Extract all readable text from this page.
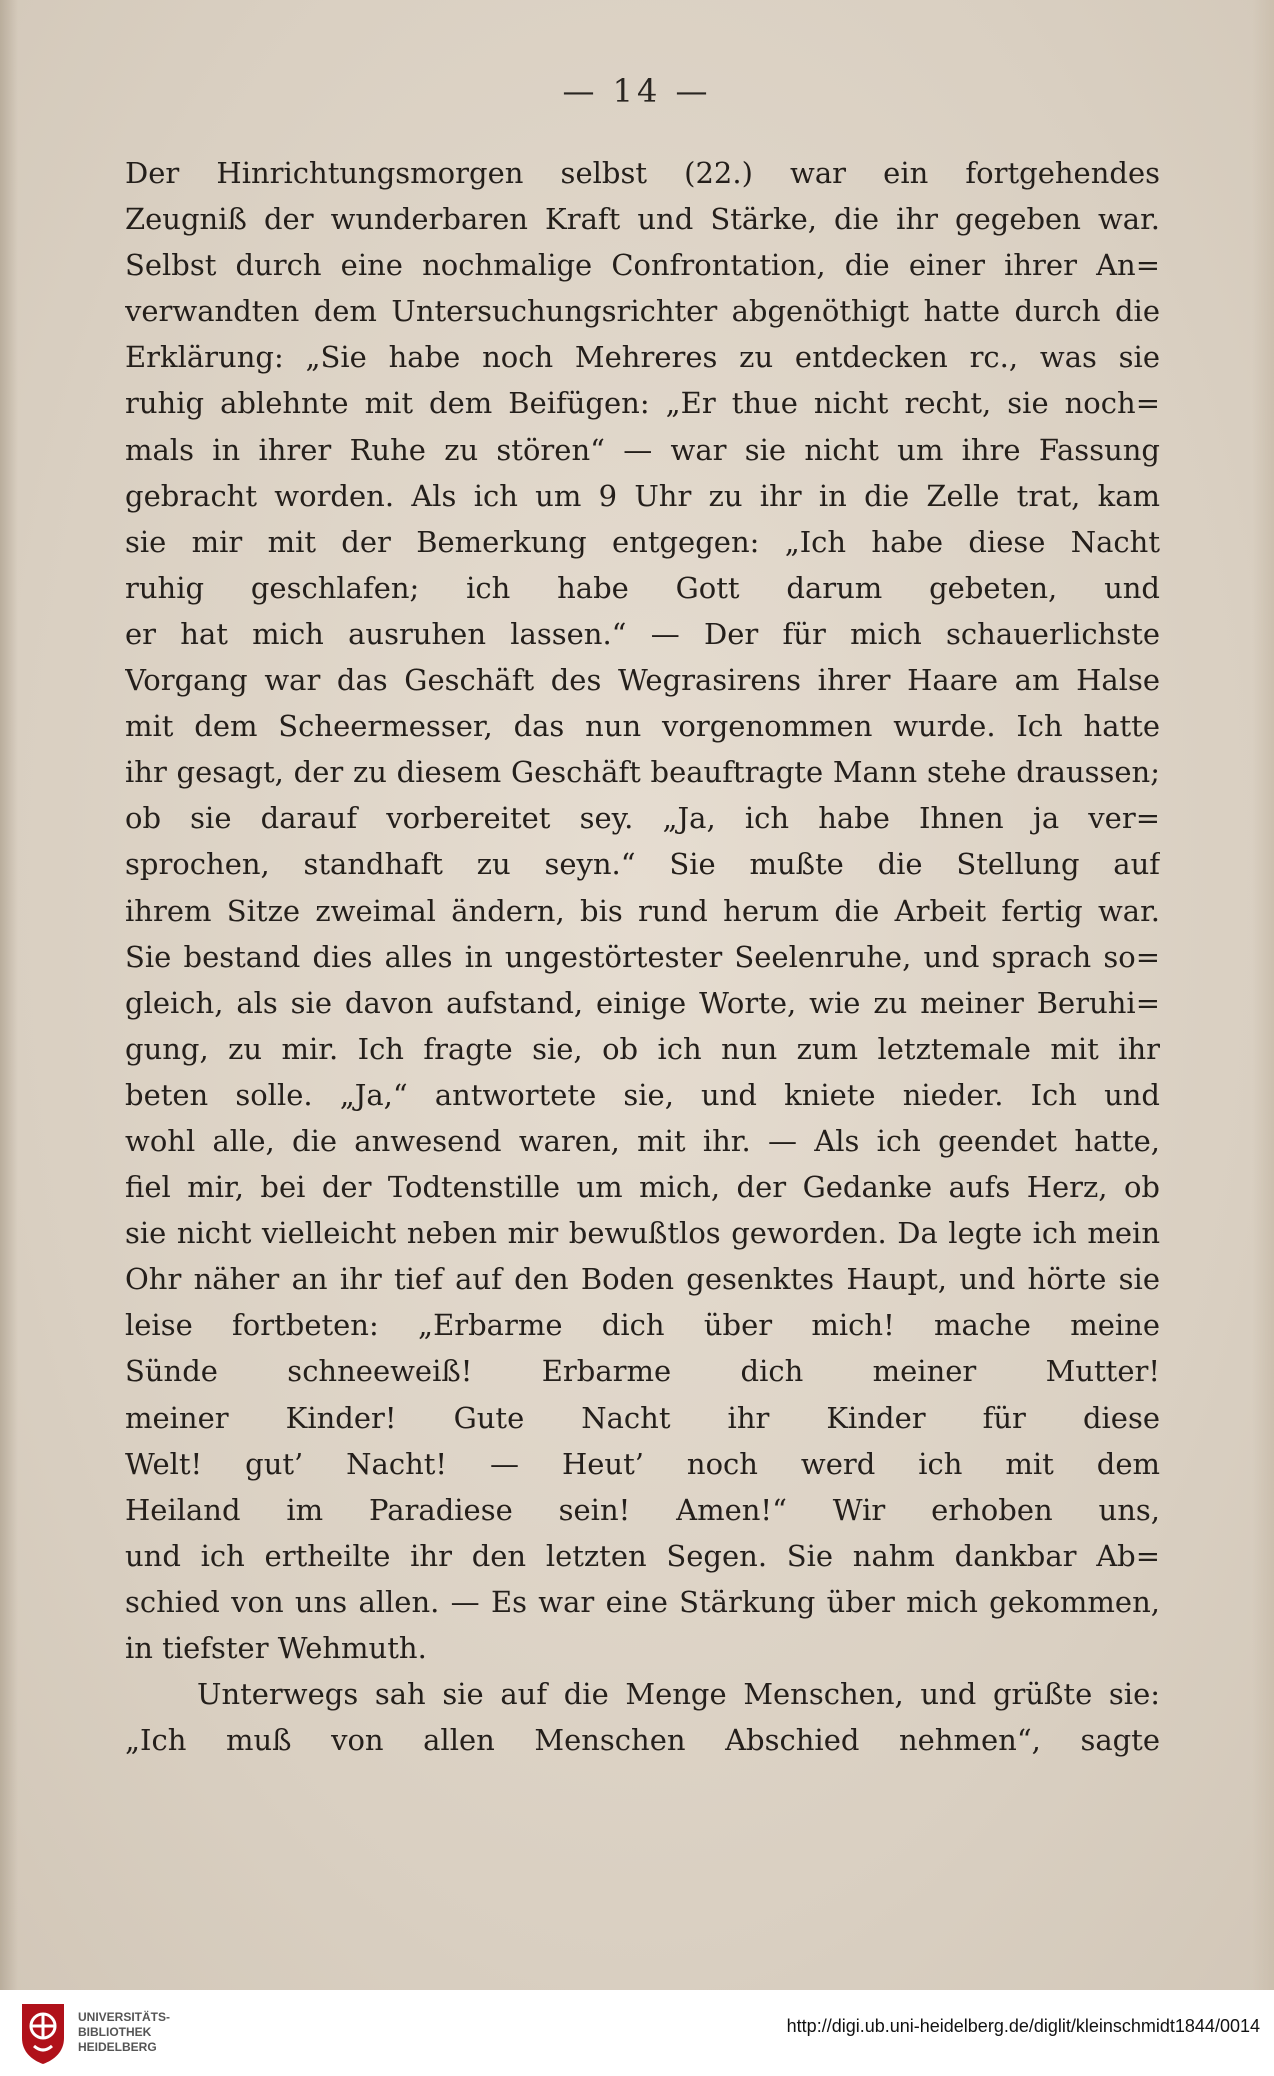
— 14 —
Der Hinrichtungsmorgen selbst (22.) war ein fortgehendes
Zeugniß der wunderbaren Kraft und Stärke, die ihr gegeben war.
Selbst durch eine nochmalige Confrontation, die einer ihrer An=
verwandten dem Untersuchungsrichter abgenöthigt hatte durch die
Erklärung: „Sie habe noch Mehreres zu entdecken rc., was sie
ruhig ablehnte mit dem Beifügen: „Er thue nicht recht, sie noch=
mals in ihrer Ruhe zu stören“ — war sie nicht um ihre Fassung
gebracht worden. Als ich um 9 Uhr zu ihr in die Zelle trat, kam
sie mir mit der Bemerkung entgegen: „Ich habe diese Nacht
ruhig geschlafen; ich habe Gott darum gebeten, und
er hat mich ausruhen lassen.“ — Der für mich schauerlichste
Vorgang war das Geschäft des Wegrasirens ihrer Haare am Halse
mit dem Scheermesser, das nun vorgenommen wurde. Ich hatte
ihr gesagt, der zu diesem Geschäft beauftragte Mann stehe draussen;
ob sie darauf vorbereitet sey. „Ja, ich habe Ihnen ja ver=
sprochen, standhaft zu seyn.“ Sie mußte die Stellung auf
ihrem Sitze zweimal ändern, bis rund herum die Arbeit fertig war.
Sie bestand dies alles in ungestörtester Seelenruhe, und sprach so=
gleich, als sie davon aufstand, einige Worte, wie zu meiner Beruhi=
gung, zu mir. Ich fragte sie, ob ich nun zum letztemale mit ihr
beten solle. „Ja,“ antwortete sie, und kniete nieder. Ich und
wohl alle, die anwesend waren, mit ihr. — Als ich geendet hatte,
fiel mir, bei der Todtenstille um mich, der Gedanke aufs Herz, ob
sie nicht vielleicht neben mir bewußtlos geworden. Da legte ich mein
Ohr näher an ihr tief auf den Boden gesenktes Haupt, und hörte sie
leise fortbeten: „Erbarme dich über mich! mache meine
Sünde schneeweiß! Erbarme dich meiner Mutter!
meiner Kinder! Gute Nacht ihr Kinder für diese
Welt! gut’ Nacht! — Heut’ noch werd ich mit dem
Heiland im Paradiese sein! Amen!“ Wir erhoben uns,
und ich ertheilte ihr den letzten Segen. Sie nahm dankbar Ab=
schied von uns allen. — Es war eine Stärkung über mich gekommen,
in tiefster Wehmuth.
Unterwegs sah sie auf die Menge Menschen, und grüßte sie:
„Ich muß von allen Menschen Abschied nehmen“, sagte
UNIVERSITÄTS-
BIBLIOTHEK
HEIDELBERG
http://digi.ub.uni-heidelberg.de/diglit/kleinschmidt1844/0014
